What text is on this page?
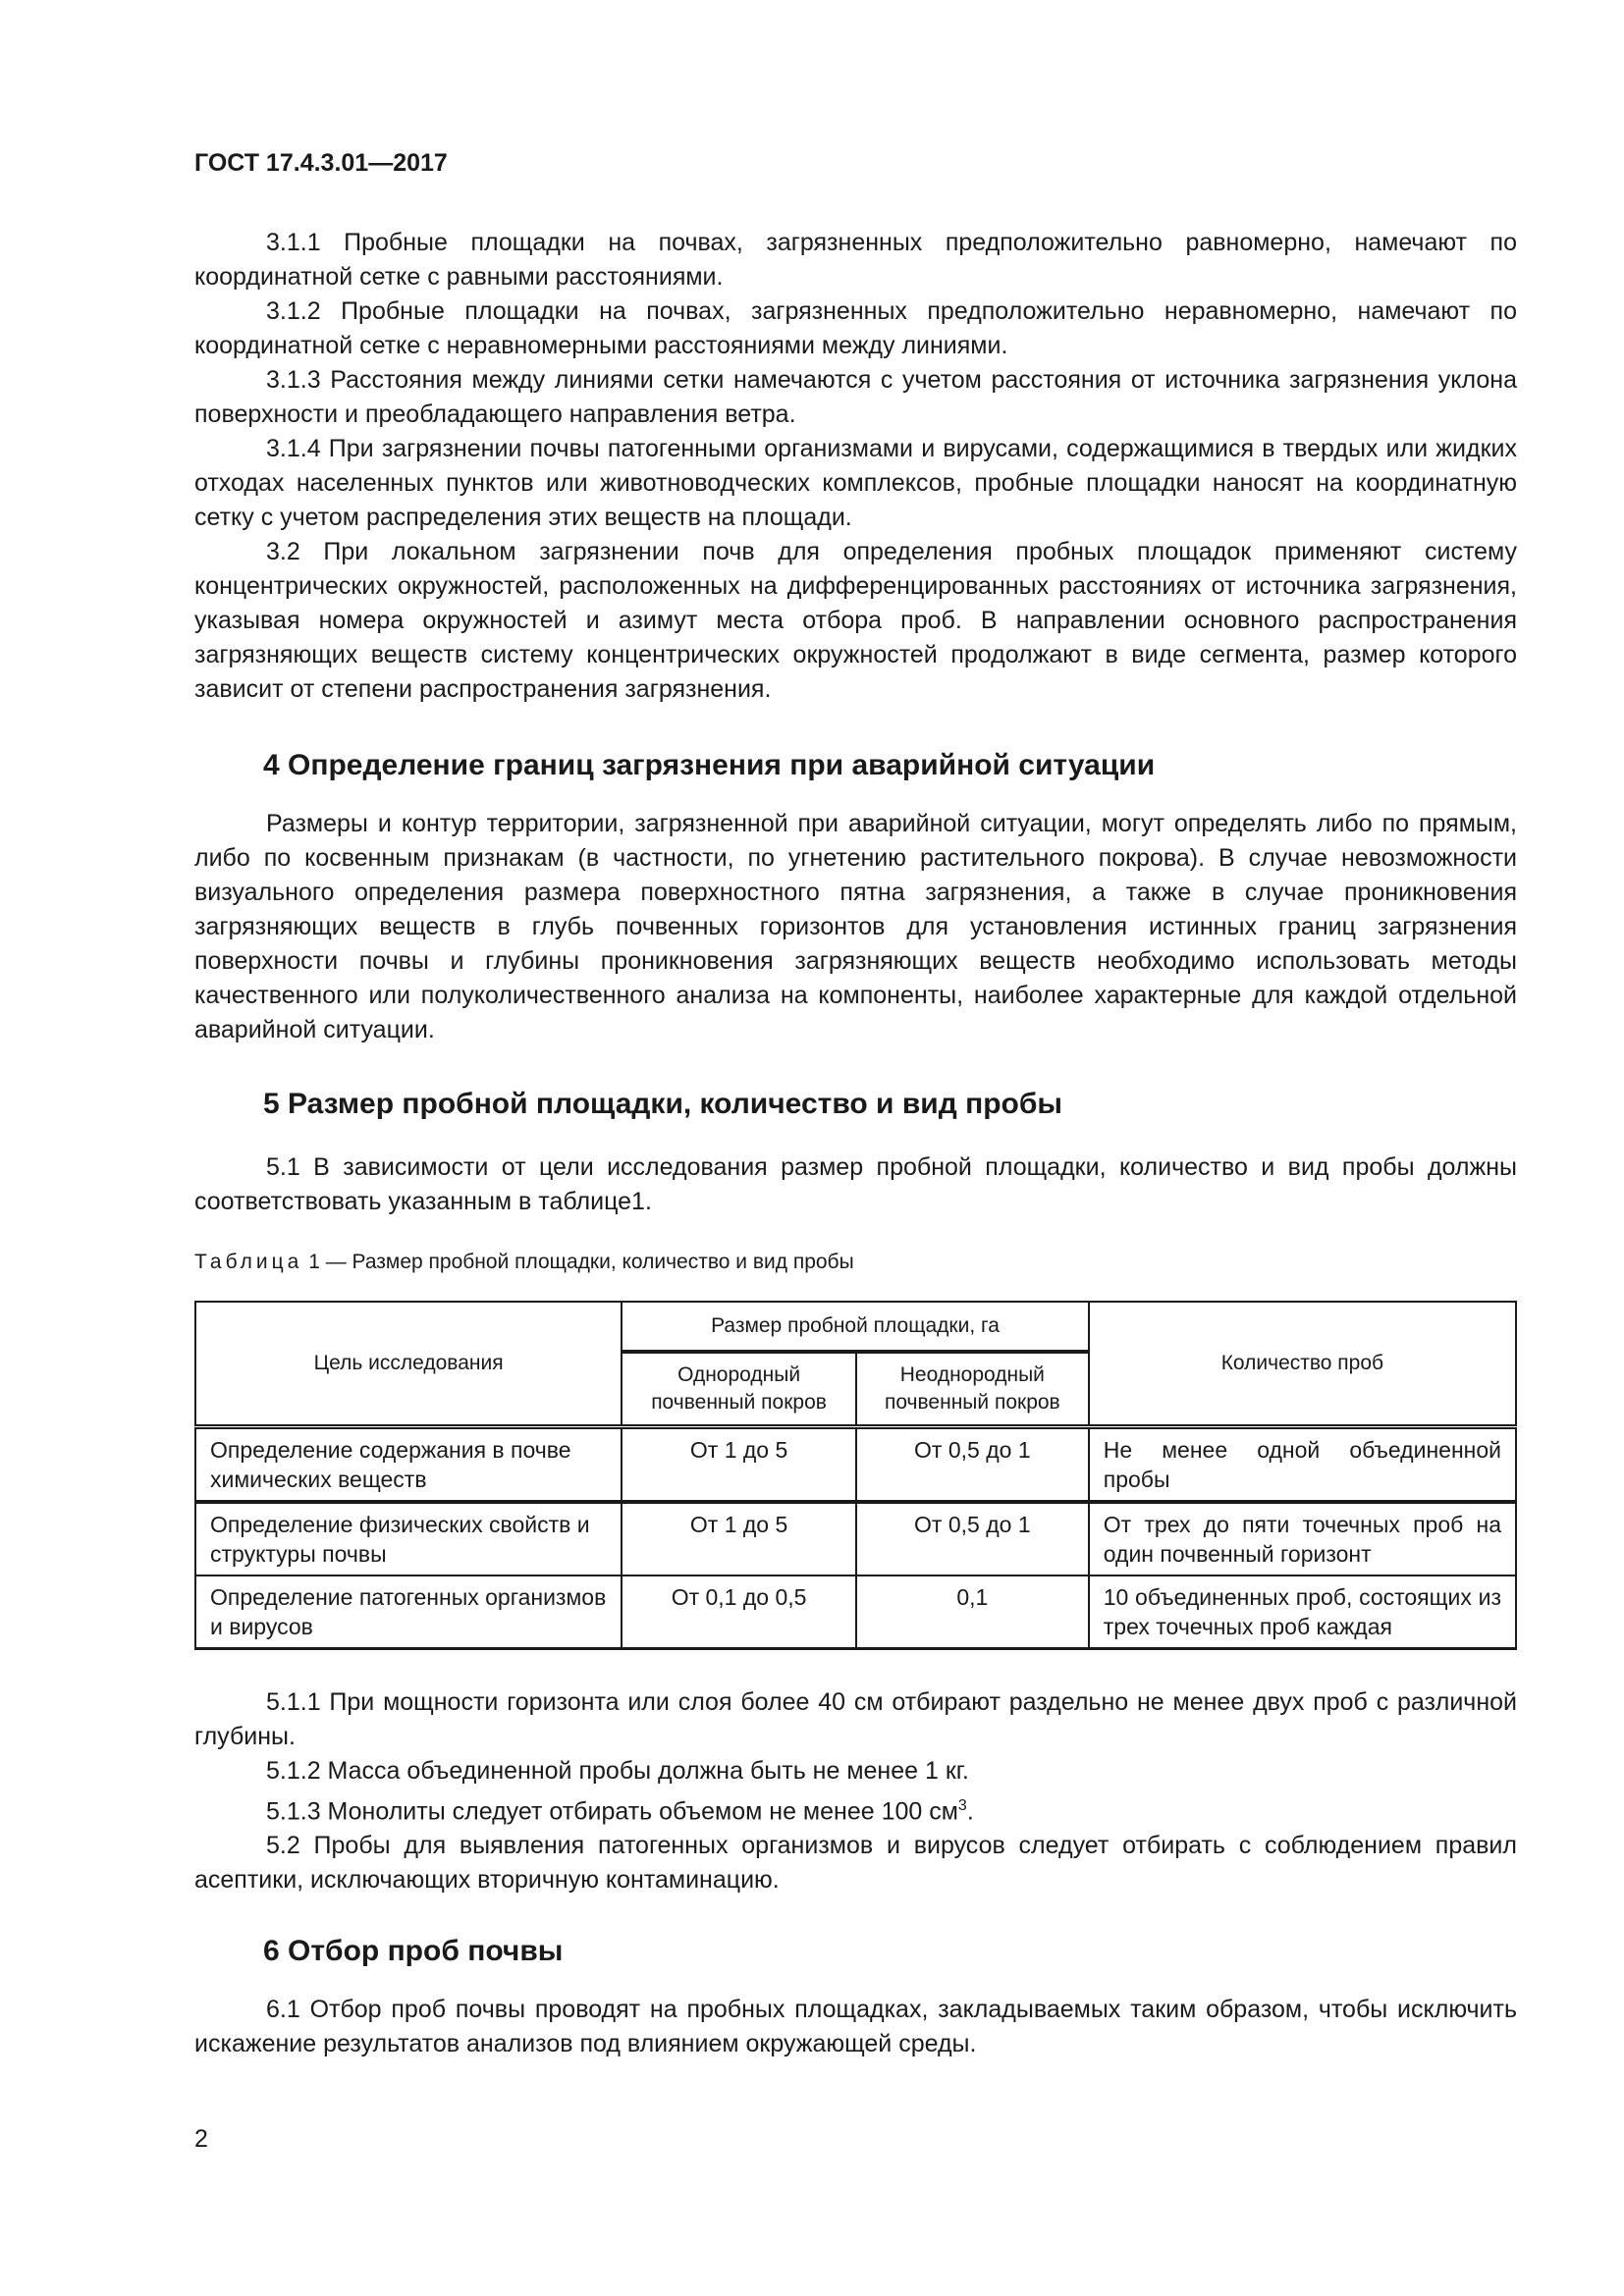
ГОСТ 17.4.3.01—2017

3.1.1 Пробные площадки на почвах, загрязненных предположительно равномерно, намечают по координатной сетке с равными расстояниями.

3.1.2 Пробные площадки на почвах, загрязненных предположительно неравномерно, намечают по координатной сетке с неравномерными расстояниями между линиями.

3.1.3 Расстояния между линиями сетки намечаются с учетом расстояния от источника загрязнения уклона поверхности и преобладающего направления ветра.

3.1.4 При загрязнении почвы патогенными организмами и вирусами, содержащимися в твердых или жидких отходах населенных пунктов или животноводческих комплексов, пробные площадки наносят на координатную сетку с учетом распределения этих веществ на площади.

3.2 При локальном загрязнении почв для определения пробных площадок применяют систему концентрических окружностей, расположенных на дифференцированных расстояниях от источника загрязнения, указывая номера окружностей и азимут места отбора проб. В направлении основного распространения загрязняющих веществ систему концентрических окружностей продолжают в виде сегмента, размер которого зависит от степени распространения загрязнения.

4 Определение границ загрязнения при аварийной ситуации

Размеры и контур территории, загрязненной при аварийной ситуации, могут определять либо по прямым, либо по косвенным признакам (в частности, по угнетению растительного покрова). В случае невозможности визуального определения размера поверхностного пятна загрязнения, а также в случае проникновения загрязняющих веществ в глубь почвенных горизонтов для установления истинных границ загрязнения поверхности почвы и глубины проникновения загрязняющих веществ необходимо использовать методы качественного или полуколичественного анализа на компоненты, наиболее характерные для каждой отдельной аварийной ситуации.

5 Размер пробной площадки, количество и вид пробы

5.1 В зависимости от цели исследования размер пробной площадки, количество и вид пробы должны соответствовать указанным в таблице1.

Таблица 1 — Размер пробной площадки, количество и вид пробы
Цель исследования	Размер пробной площадки, га		Количество проб
	Однородный почвенный покров	Неоднородный почвенный покров	
Определение содержания в почве химических веществ	От 1 до 5	От 0,5 до 1	Не менее одной объединенной пробы
Определение физических свойств и структуры почвы	От 1 до 5	От 0,5 до 1	От трех до пяти точечных проб на один почвенный горизонт
Определение патогенных организмов и вирусов	От 0,1 до 0,5	0,1	10 объединенных проб, состоящих из трех точечных проб каждая

5.1.1 При мощности горизонта или слоя более 40 см отбирают раздельно не менее двух проб с различной глубины.

5.1.2 Масса объединенной пробы должна быть не менее 1 кг.

5.1.3 Монолиты следует отбирать объемом не менее 100 $см^3$.

5.2 Пробы для выявления патогенных организмов и вирусов следует отбирать с соблюдением правил асептики, исключающих вторичную контаминацию.

6 Отбор проб почвы

6.1 Отбор проб почвы проводят на пробных площадках, закладываемых таким образом, чтобы исключить искажение результатов анализов под влиянием окружающей среды.

2
